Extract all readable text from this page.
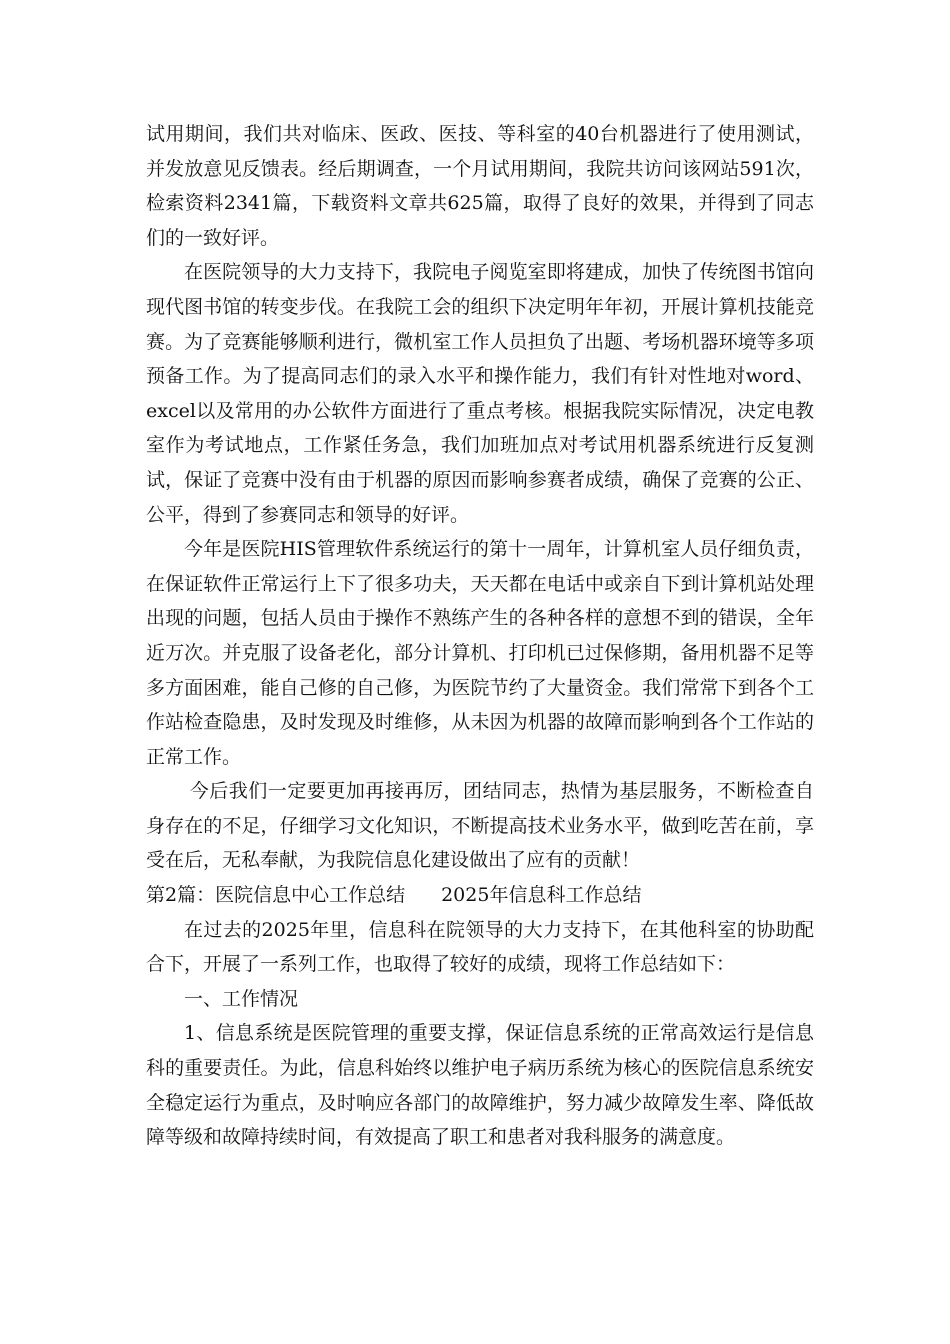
试用期间，我们共对临床、医政、医技、等科室的40台机器进行了使用测试，并发放意见反馈表。经后期调查，一个月试用期间，我院共访问该网站591次，检索资料2341篇，下载资料文章共625篇，取得了良好的效果，并得到了同志们的一致好评。

在医院领导的大力支持下，我院电子阅览室即将建成，加快了传统图书馆向现代图书馆的转变步伐。在我院工会的组织下决定明年年初，开展计算机技能竞赛。为了竞赛能够顺利进行，微机室工作人员担负了出题、考场机器环境等多项预备工作。为了提高同志们的录入水平和操作能力，我们有针对性地对word、excel以及常用的办公软件方面进行了重点考核。根据我院实际情况，决定电教室作为考试地点，工作紧任务急，我们加班加点对考试用机器系统进行反复测试，保证了竞赛中没有由于机器的原因而影响参赛者成绩，确保了竞赛的公正、公平，得到了参赛同志和领导的好评。

今年是医院HIS管理软件系统运行的第十一周年，计算机室人员仔细负责，在保证软件正常运行上下了很多功夫，天天都在电话中或亲自下到计算机站处理出现的问题，包括人员由于操作不熟练产生的各种各样的意想不到的错误，全年近万次。并克服了设备老化，部分计算机、打印机已过保修期，备用机器不足等多方面困难，能自己修的自己修，为医院节约了大量资金。我们常常下到各个工作站检查隐患，及时发现及时维修，从未因为机器的故障而影响到各个工作站的正常工作。

今后我们一定要更加再接再厉，团结同志，热情为基层服务，不断检查自身存在的不足，仔细学习文化知识，不断提高技术业务水平，做到吃苦在前，享受在后，无私奉献，为我院信息化建设做出了应有的贡献！

第2篇：医院信息中心工作总结 2025年信息科工作总结

在过去的2025年里，信息科在院领导的大力支持下，在其他科室的协助配合下，开展了一系列工作，也取得了较好的成绩，现将工作总结如下：

一、工作情况

1、信息系统是医院管理的重要支撑，保证信息系统的正常高效运行是信息科的重要责任。为此，信息科始终以维护电子病历系统为核心的医院信息系统安全稳定运行为重点，及时响应各部门的故障维护，努力减少故障发生率、降低故障等级和故障持续时间，有效提高了职工和患者对我科服务的满意度。
